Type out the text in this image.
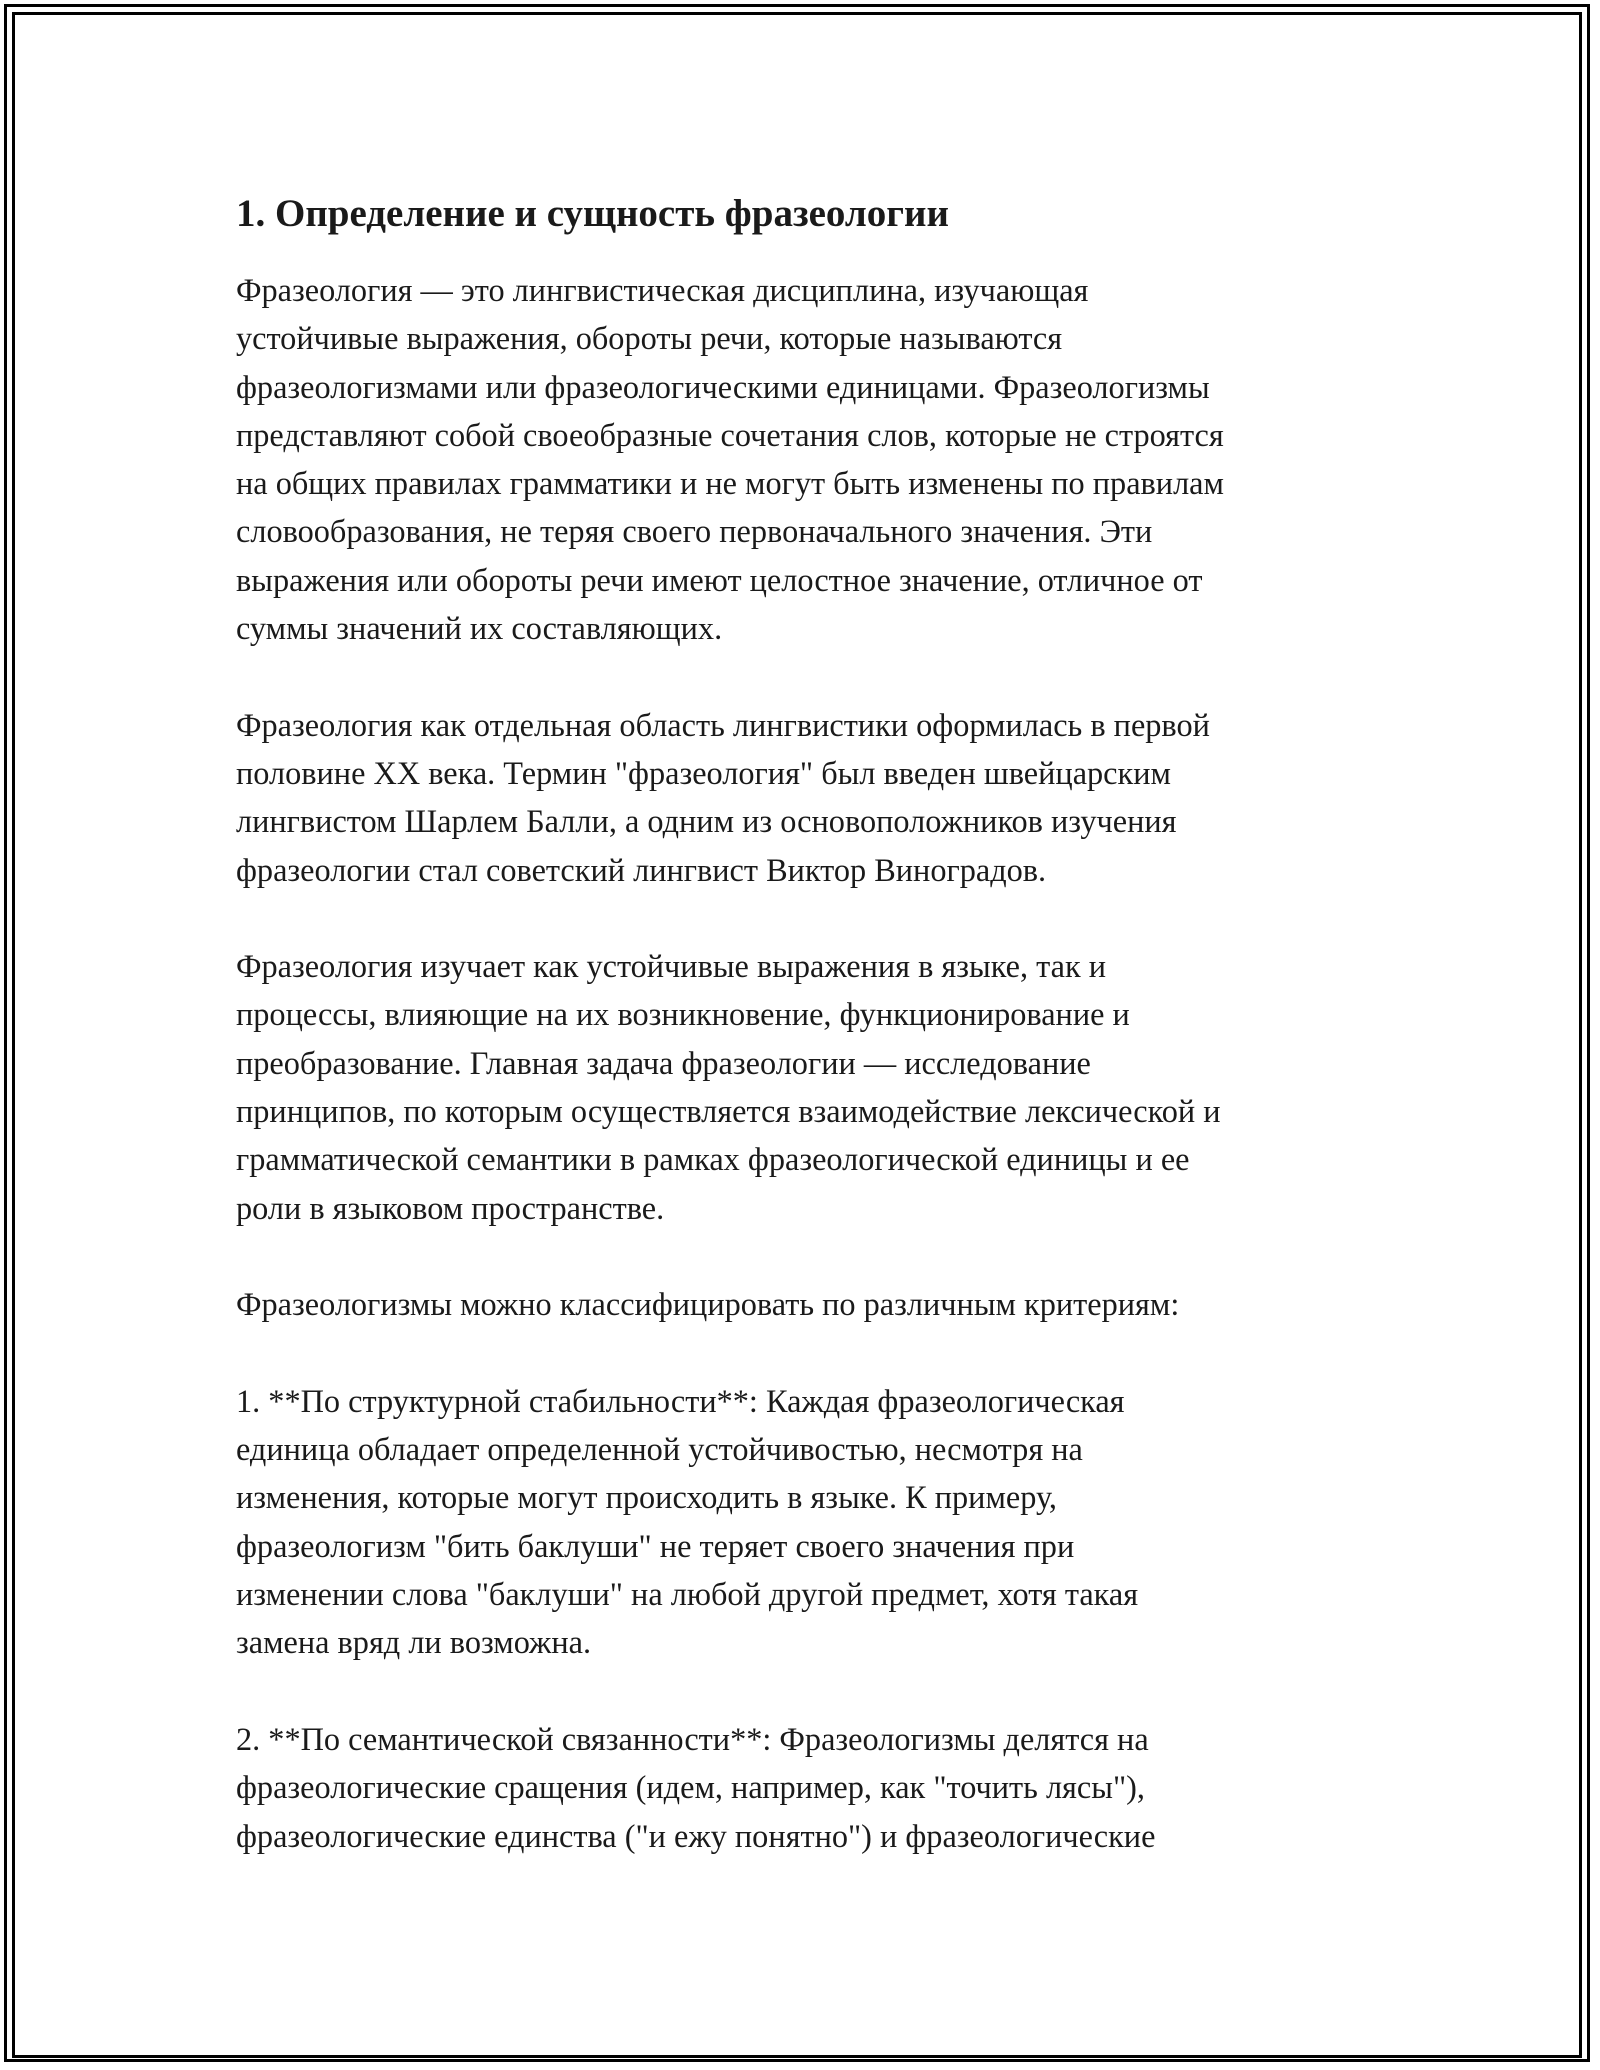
1. Определение и сущность фразеологии

Фразеология — это лингвистическая дисциплина, изучающая
устойчивые выражения, обороты речи, которые называются
фразеологизмами или фразеологическими единицами. Фразеологизмы
представляют собой своеобразные сочетания слов, которые не строятся
на общих правилах грамматики и не могут быть изменены по правилам
словообразования, не теряя своего первоначального значения. Эти
выражения или обороты речи имеют целостное значение, отличное от
суммы значений их составляющих.

Фразеология как отдельная область лингвистики оформилась в первой
половине XX века. Термин "фразеология" был введен швейцарским
лингвистом Шарлем Балли, а одним из основоположников изучения
фразеологии стал советский лингвист Виктор Виноградов.

Фразеология изучает как устойчивые выражения в языке, так и
процессы, влияющие на их возникновение, функционирование и
преобразование. Главная задача фразеологии — исследование
принципов, по которым осуществляется взаимодействие лексической и
грамматической семантики в рамках фразеологической единицы и ее
роли в языковом пространстве.

Фразеологизмы можно классифицировать по различным критериям:

1. **По структурной стабильности**: Каждая фразеологическая
единица обладает определенной устойчивостью, несмотря на
изменения, которые могут происходить в языке. К примеру,
фразеологизм "бить баклуши" не теряет своего значения при
изменении слова "баклуши" на любой другой предмет, хотя такая
замена вряд ли возможна.

2. **По семантической связанности**: Фразеологизмы делятся на
фразеологические сращения (идем, например, как "точить лясы"),
фразеологические единства ("и ежу понятно") и фразеологические
